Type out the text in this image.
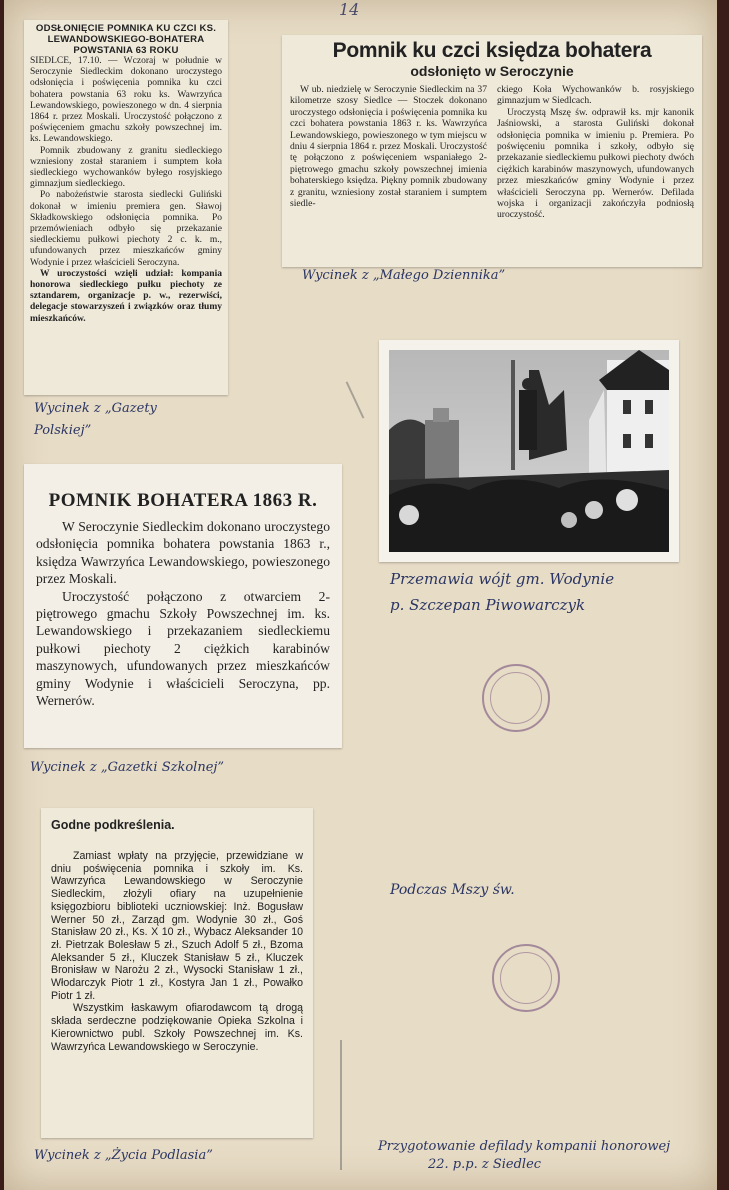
14
ODSŁONIĘCIE POMNIKA KU CZCI KS. LEWANDOWSKIEGO-BOHATERA POWSTANIA 63 ROKU

SIEDLCE, 17.10. — Wczoraj w południe w Seroczynie Siedleckim dokonano uroczystego odsłonięcia i poświęcenia pomnika ku czci bohatera powstania 63 roku ks. Wawrzyńca Lewandowskiego, powieszonego w dn. 4 sierpnia 1864 r. przez Moskali. Uroczystość połączono z poświęceniem gmachu szkoły powszechnej im. ks. Lewandowskiego.

Pomnik zbudowany z granitu siedleckiego wzniesiony został staraniem i sumptem koła siedleckiego wychowanków byłego rosyjskiego gimnazjum siedleckiego.

Po nabożeństwie starosta siedlecki Guliński dokonał w imieniu premiera gen. Sławoj Składkowskiego odsłonięcia pomnika. Po przemówieniach odbyło się przekazanie siedleckiemu pułkowi piechoty 2 c. k. m., ufundowanych przez mieszkańców gminy Wodynie i przez właścicieli Seroczyna.

W uroczystości wzięli udział: kompania honorowa siedleckiego pułku piechoty ze sztandarem, organizacje p. w., rezerwiści, delegacje stowarzyszeń i związków oraz tłumy mieszkańców.

Wycinek z „Gazety Polskiej”
Pomnik ku czci księdza bohatera
odsłonięto w Seroczynie

W ub. niedzielę w Seroczynie Siedleckim na 37 kilometrze szosy Siedlce — Stoczek dokonano uroczystego odsłonięcia i poświęcenia pomnika ku czci bohatera powstania 1863 r. ks. Wawrzyńca Lewandowskiego, powieszonego w tym miejscu w dniu 4 sierpnia 1864 r. przez Moskali. Uroczystość tę połączono z poświęceniem wspaniałego 2-piętrowego gmachu szkoły powszechnej imienia bohaterskiego księdza. Piękny pomnik zbudowany z granitu, wzniesiony został staraniem i sumptem siedle-

ckiego Koła Wychowanków b. rosyjskiego gimnazjum w Siedlcach.

Uroczystą Mszę św. odprawił ks. mjr kanonik Jaśniowski, a starosta Guliński dokonał odsłonięcia pomnika w imieniu p. Premiera. Po poświęceniu pomnika i szkoły, odbyło się przekazanie siedleckiemu pułkowi piechoty dwóch ciężkich karabinów maszynowych, ufundowanych przez mieszkańców gminy Wodynie i przez właścicieli Seroczyna pp. Wernerów. Defilada wojska i organizacji zakończyła podniosłą uroczystość.

Wycinek z „Małego Dziennika”
Przemawia wójt gm. Wodynie
p. Szczepan Piwowarczyk
POMNIK BOHATERA 1863 R.

W Seroczynie Siedleckim dokonano uroczystego odsłonięcia pomnika bohatera powstania 1863 r., księdza Wawrzyńca Lewandowskiego, powieszonego przez Moskali.

Uroczystość połączono z otwarciem 2-piętrowego gmachu Szkoły Powszechnej im. ks. Lewandowskiego i przekazaniem siedleckiemu pułkowi piechoty 2 ciężkich karabinów maszynowych, ufundowanych przez mieszkańców gminy Wodynie i właścicieli Seroczyna, pp. Wernerów.

Wycinek z „Gazetki Szkolnej”
Godne podkreślenia.

Zamiast wpłaty na przyjęcie, przewidziane w dniu poświęcenia pomnika i szkoły im. Ks. Wawrzyńca Lewandowskiego w Seroczynie Siedleckim, złożyli ofiary na uzupełnienie księgozbioru biblioteki uczniowskiej: Inż. Bogusław Werner 50 zł., Zarząd gm. Wodynie 30 zł., Goś Stanisław 20 zł., Ks. X 10 zł., Wybacz Aleksander 10 zł. Pietrzak Bolesław 5 zł., Szuch Adolf 5 zł., Bzoma Aleksander 5 zł., Kluczek Stanisław 5 zł., Kluczek Bronisław w Narożu 2 zł., Wysocki Stanisław 1 zł., Włodarczyk Piotr 1 zł., Kostyra Jan 1 zł., Powałko Piotr 1 zł.

Wszystkim łaskawym ofiarodawcom tą drogą składa serdeczne podziękowanie Opieka Szkolna i Kierownictwo publ. Szkoły Powszechnej im. Ks. Wawrzyńca Lewandowskiego w Seroczynie.

Wycinek z „Życia Podlasia”
Podczas Mszy św.
Przygotowanie defilady kompanii honorowej
22. p.p. z Siedlec
